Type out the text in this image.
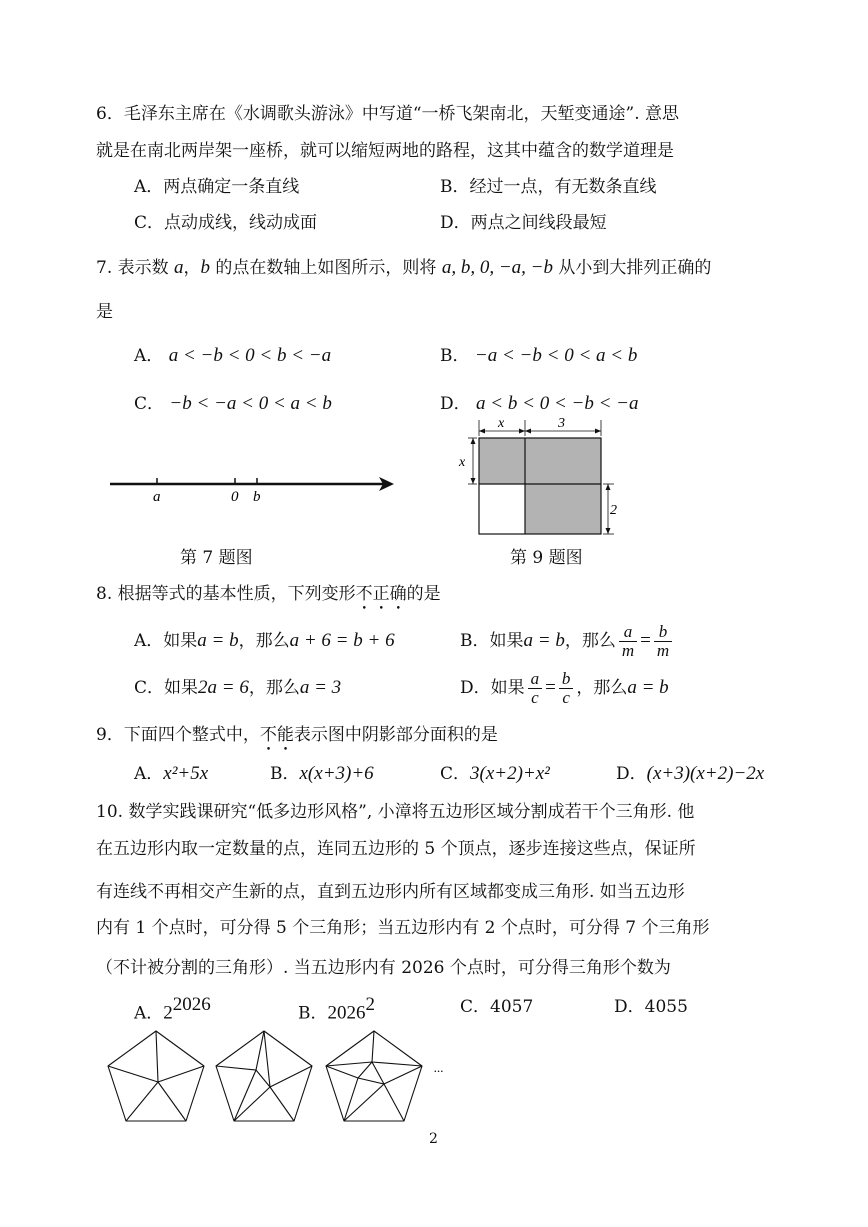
6．毛泽东主席在《水调歌头游泳》中写道“一桥飞架南北，天堑变通途”. 意思
就是在南北两岸架一座桥，就可以缩短两地的路程，这其中蕴含的数学道理是
A．两点确定一条直线	B．经过一点，有无数条直线
C．点动成线，线动成面	D．两点之间线段最短
7. 表示数 a，b 的点在数轴上如图所示，则将 a, b, 0, −a, −b 从小到大排列正确的
是
A． a < −b < 0 < b < −a	B． −a < −b < 0 < a < b
C． −b < −a < 0 < a < b	D． a < b < 0 < −b < −a
a	0 b
第 7 题图
x	3
x
2
第 9 题图
8. 根据等式的基本性质，下列变形不正确的是
A．如果a = b，那么a + 6 = b + 6	B．如果a = b，那么 $\frac{a}{m} = \frac{b}{m}$
C．如果2a = 6，那么a = 3	D．如果 $\frac{a}{c} = \frac{b}{c}$ ，那么a = b
9．下面四个整式中，不能表示图中阴影部分面积的是
A．x²+5x	B．x(x+3)+6	C．3(x+2)+x²	D．(x+3)(x+2)−2x
10. 数学实践课研究“低多边形风格”, 小漳将五边形区域分割成若干个三角形. 他
在五边形内取一定数量的点，连同五边形的 5 个顶点，逐步连接这些点，保证所
有连线不再相交产生新的点，直到五边形内所有区域都变成三角形. 如当五边形
内有 1 个点时，可分得 5 个三角形；当五边形内有 2 个点时，可分得 7 个三角形
（不计被分割的三角形）. 当五边形内有 2026 个点时，可分得三角形个数为
A．$2^{2026}$	B．2026$^2$	C．4057	D．4055
...
2
